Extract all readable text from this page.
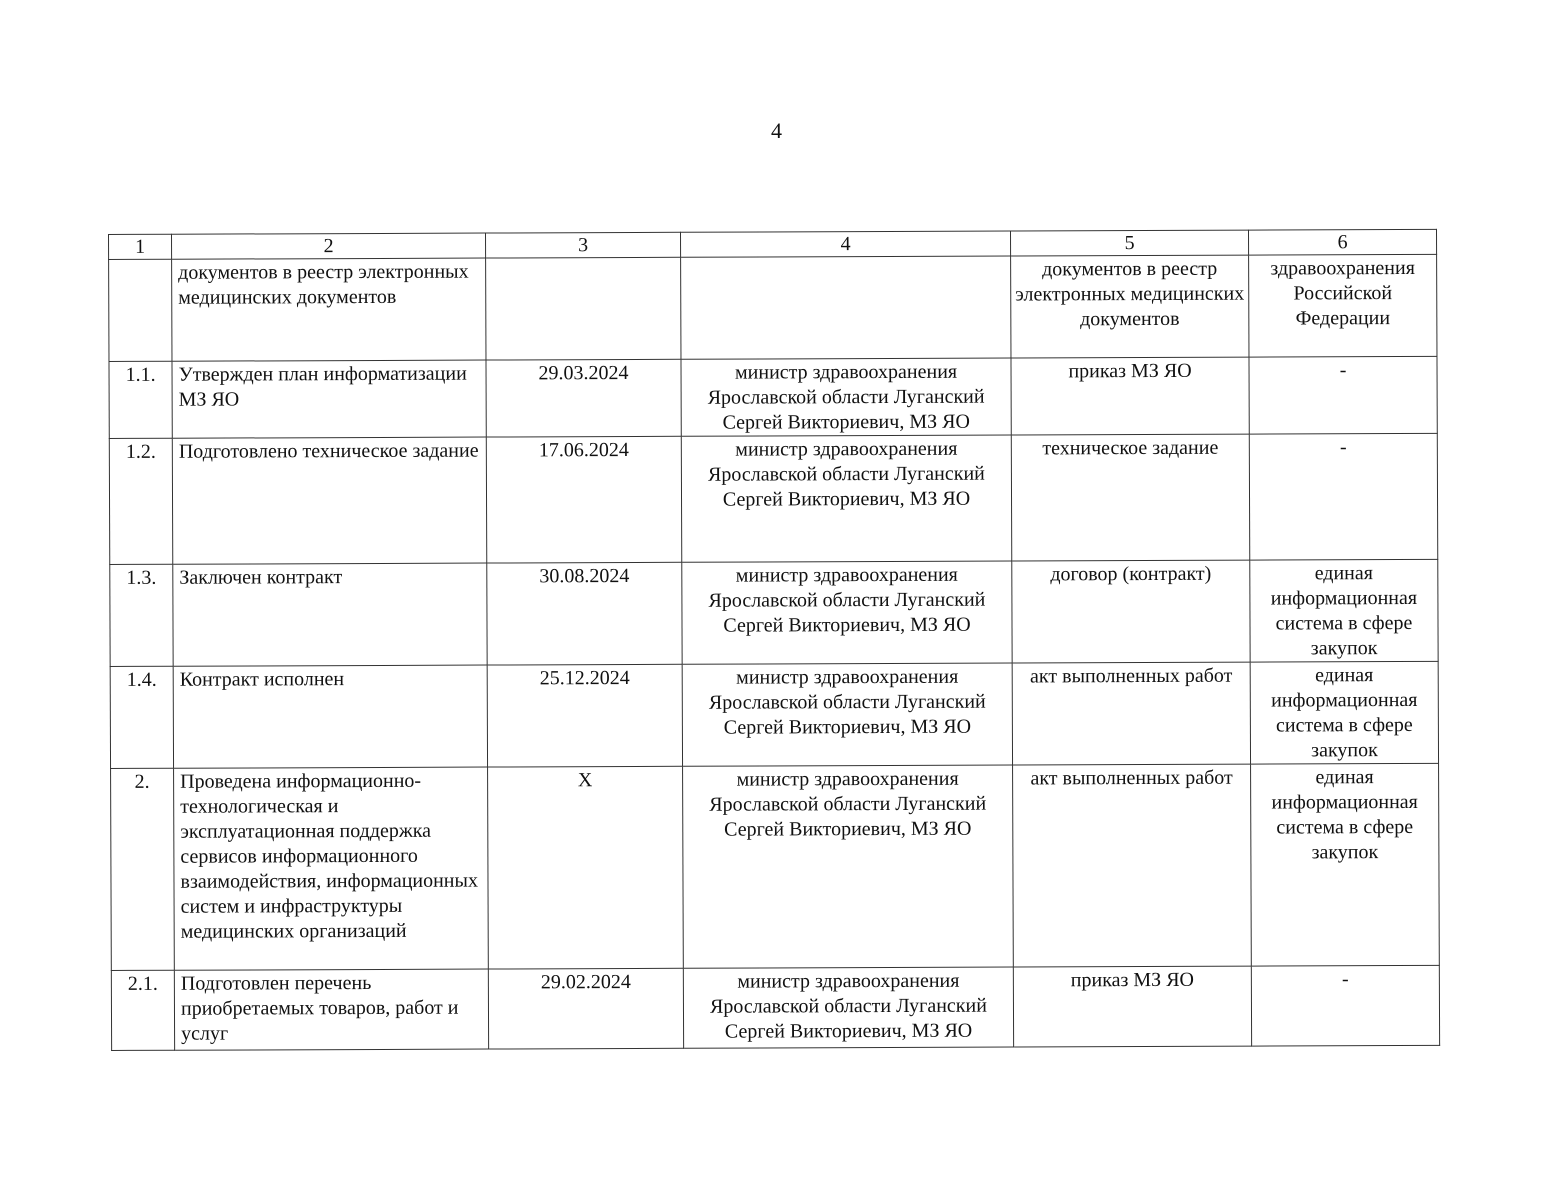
4
1	2	3	4	5	6
	документов в реестр электронных медицинских документов			документов в реестр электронных медицинских документов	здравоохранения Российской Федерации
1.1.	Утвержден план информатизации МЗ ЯО	29.03.2024	министр здравоохранения Ярославской области Луганский Сергей Викториевич, МЗ ЯО	приказ МЗ ЯО	-
1.2.	Подготовлено техническое задание	17.06.2024	министр здравоохранения Ярославской области Луганский Сергей Викториевич, МЗ ЯО	техническое задание	-
1.3.	Заключен контракт	30.08.2024	министр здравоохранения Ярославской области Луганский Сергей Викториевич, МЗ ЯО	договор (контракт)	единая информационная система в сфере закупок
1.4.	Контракт исполнен	25.12.2024	министр здравоохранения Ярославской области Луганский Сергей Викториевич, МЗ ЯО	акт выполненных работ	единая информационная система в сфере закупок
2.	Проведена информационно-технологическая и эксплуатационная поддержка сервисов информационного взаимодействия, информационных систем и инфраструктуры медицинских организаций	X	министр здравоохранения Ярославской области Луганский Сергей Викториевич, МЗ ЯО	акт выполненных работ	единая информационная система в сфере закупок
2.1.	Подготовлен перечень приобретаемых товаров, работ и услуг	29.02.2024	министр здравоохранения Ярославской области Луганский Сергей Викториевич, МЗ ЯО	приказ МЗ ЯО	-
